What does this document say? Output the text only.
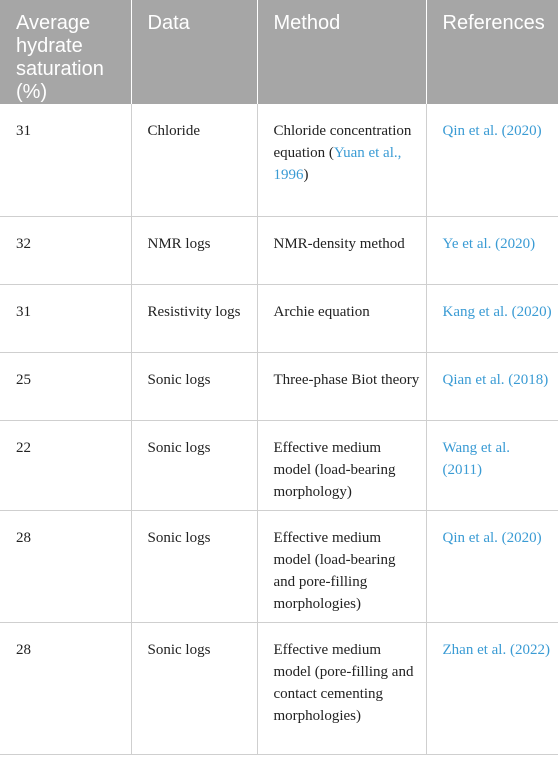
Average hydrate saturation (%)	Data	Method	References
31	Chloride	Chloride concentration equation (Yuan et al., 1996)	Qin et al. (2020)
32	NMR logs	NMR-density method	Ye et al. (2020)
31	Resistivity logs	Archie equation	Kang et al. (2020)
25	Sonic logs	Three-phase Biot theory	Qian et al. (2018)
22	Sonic logs	Effective medium model (load-bearing morphology)	Wang et al. (2011)
28	Sonic logs	Effective medium model (load-bearing and pore-filling morphologies)	Qin et al. (2020)
28	Sonic logs	Effective medium model (pore-filling and contact cementing morphologies)	Zhan et al. (2022)
